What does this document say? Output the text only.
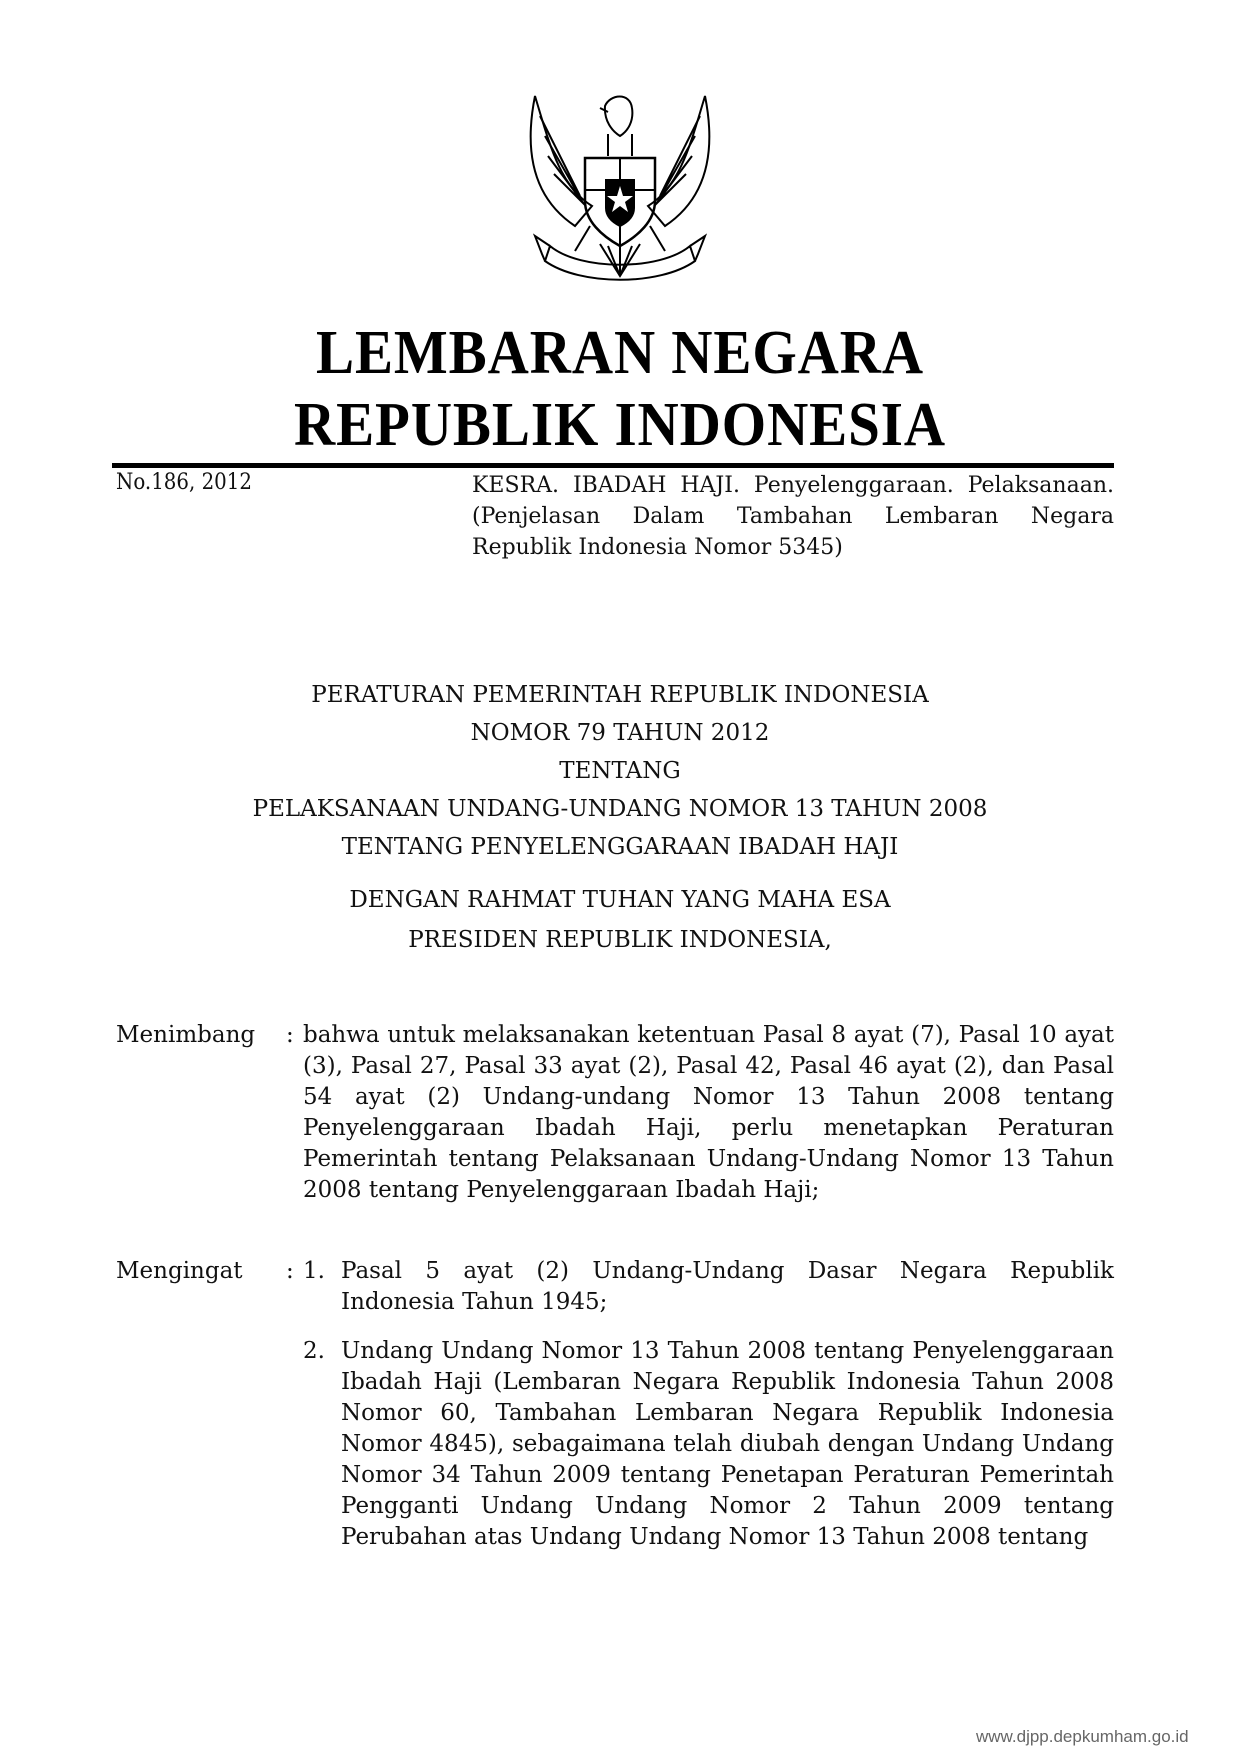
LEMBARAN NEGARA
REPUBLIK INDONESIA
No.186, 2012	KESRA. IBADAH HAJI. Penyelenggaraan. Pelaksanaan. (Penjelasan Dalam Tambahan Lembaran Negara Republik Indonesia Nomor 5345)
PERATURAN PEMERINTAH REPUBLIK INDONESIA
NOMOR 79 TAHUN 2012
TENTANG
PELAKSANAAN UNDANG-UNDANG NOMOR 13 TAHUN 2008
TENTANG PENYELENGGARAAN IBADAH HAJI
DENGAN RAHMAT TUHAN YANG MAHA ESA
PRESIDEN REPUBLIK INDONESIA,
Menimbang : bahwa untuk melaksanakan ketentuan Pasal 8 ayat (7), Pasal 10 ayat (3), Pasal 27, Pasal 33 ayat (2), Pasal 42, Pasal 46 ayat (2), dan Pasal 54 ayat (2) Undang-undang Nomor 13 Tahun 2008 tentang Penyelenggaraan Ibadah Haji, perlu menetapkan Peraturan Pemerintah tentang Pelaksanaan Undang-Undang Nomor 13 Tahun 2008 tentang Penyelenggaraan Ibadah Haji;
Mengingat : 1. Pasal 5 ayat (2) Undang-Undang Dasar Negara Republik Indonesia Tahun 1945;
2. Undang Undang Nomor 13 Tahun 2008 tentang Penyelenggaraan Ibadah Haji (Lembaran Negara Republik Indonesia Tahun 2008 Nomor 60, Tambahan Lembaran Negara Republik Indonesia Nomor 4845), sebagaimana telah diubah dengan Undang Undang Nomor 34 Tahun 2009 tentang Penetapan Peraturan Pemerintah Pengganti Undang Undang Nomor 2 Tahun 2009 tentang Perubahan atas Undang Undang Nomor 13 Tahun 2008 tentang
www.djpp.depkumham.go.id
